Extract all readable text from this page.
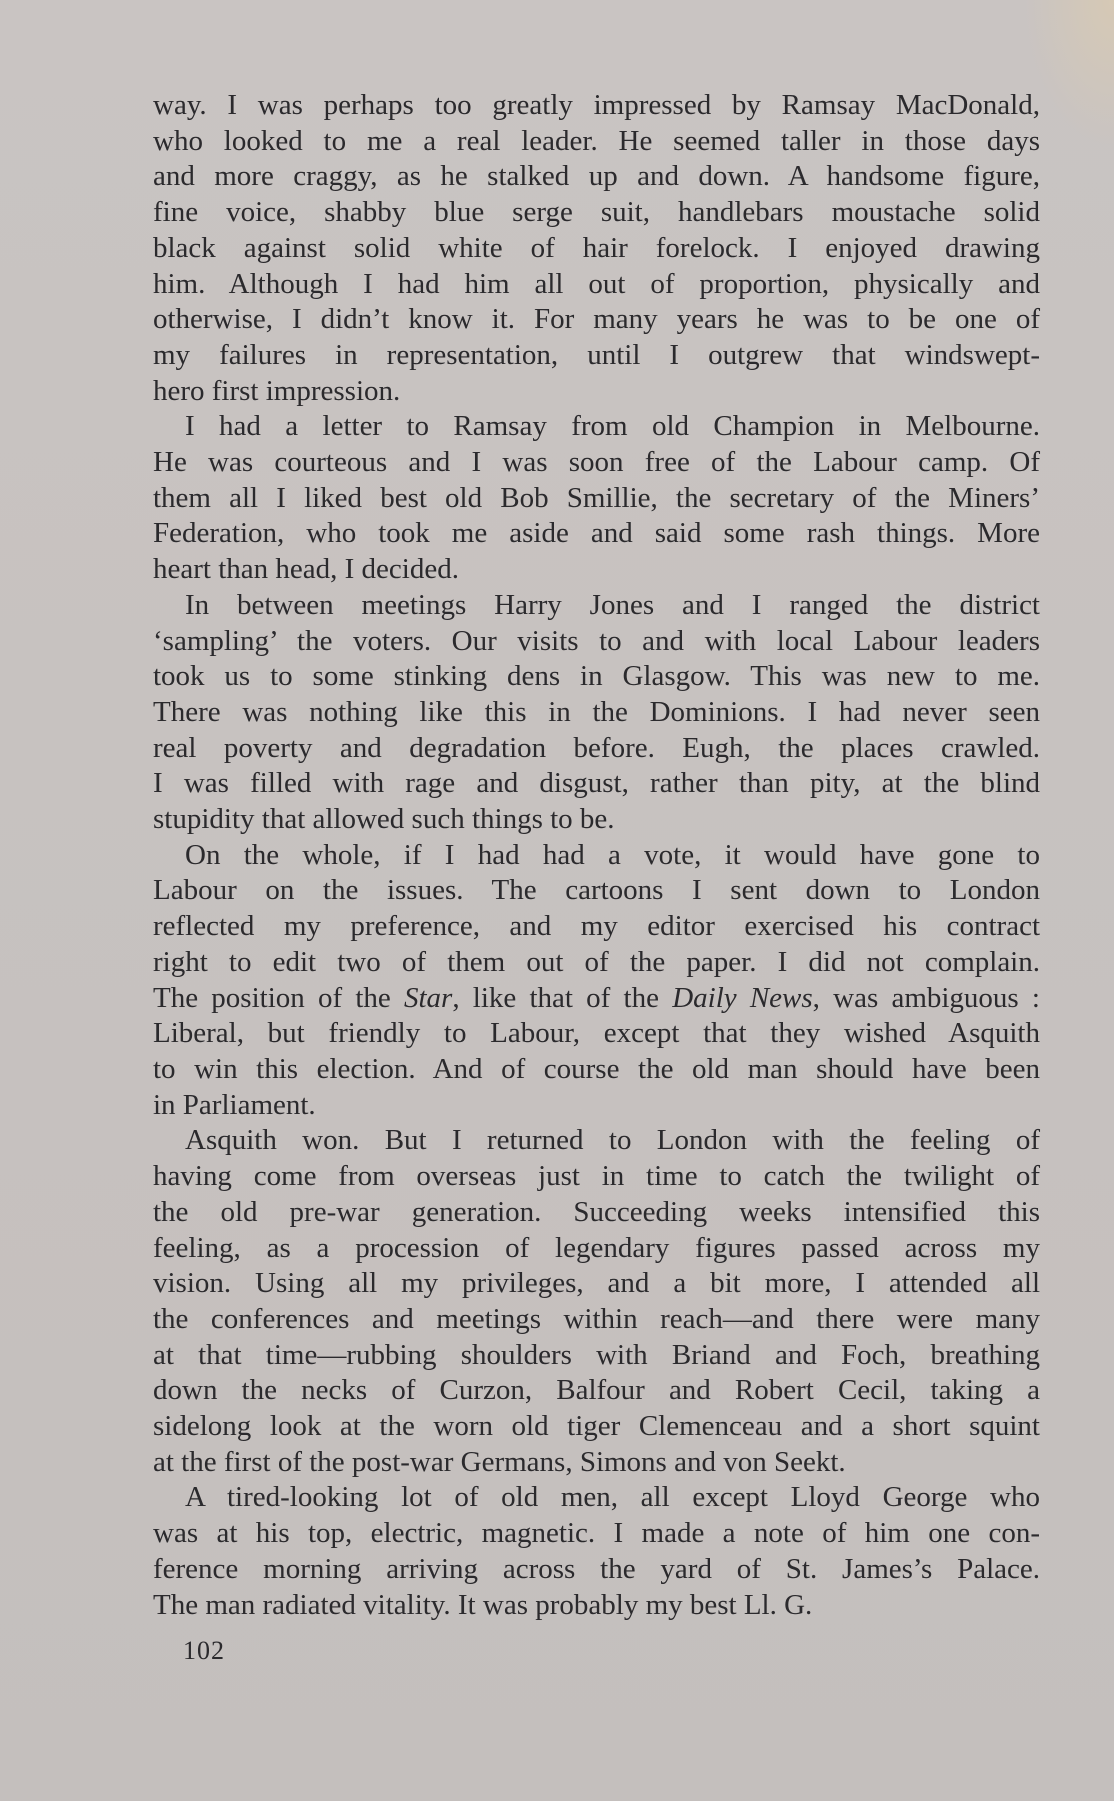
way. I was perhaps too greatly impressed by Ramsay MacDonald,
who looked to me a real leader. He seemed taller in those days
and more craggy, as he stalked up and down. A handsome figure,
fine voice, shabby blue serge suit, handlebars moustache solid
black against solid white of hair forelock. I enjoyed drawing
him. Although I had him all out of proportion, physically and
otherwise, I didn’t know it. For many years he was to be one of
my failures in representation, until I outgrew that windswept-
hero first impression.

I had a letter to Ramsay from old Champion in Melbourne.
He was courteous and I was soon free of the Labour camp. Of
them all I liked best old Bob Smillie, the secretary of the Miners’
Federation, who took me aside and said some rash things. More
heart than head, I decided.

In between meetings Harry Jones and I ranged the district
‘sampling’ the voters. Our visits to and with local Labour leaders
took us to some stinking dens in Glasgow. This was new to me.
There was nothing like this in the Dominions. I had never seen
real poverty and degradation before. Eugh, the places crawled.
I was filled with rage and disgust, rather than pity, at the blind
stupidity that allowed such things to be.

On the whole, if I had had a vote, it would have gone to
Labour on the issues. The cartoons I sent down to London
reflected my preference, and my editor exercised his contract
right to edit two of them out of the paper. I did not complain.
The position of the Star, like that of the Daily News, was ambiguous :
Liberal, but friendly to Labour, except that they wished Asquith
to win this election. And of course the old man should have been
in Parliament.

Asquith won. But I returned to London with the feeling of
having come from overseas just in time to catch the twilight of
the old pre-war generation. Succeeding weeks intensified this
feeling, as a procession of legendary figures passed across my
vision. Using all my privileges, and a bit more, I attended all
the conferences and meetings within reach—and there were many
at that time—rubbing shoulders with Briand and Foch, breathing
down the necks of Curzon, Balfour and Robert Cecil, taking a
sidelong look at the worn old tiger Clemenceau and a short squint
at the first of the post-war Germans, Simons and von Seekt.

A tired-looking lot of old men, all except Lloyd George who
was at his top, electric, magnetic. I made a note of him one con-
ference morning arriving across the yard of St. James’s Palace.
The man radiated vitality. It was probably my best Ll. G.

102
